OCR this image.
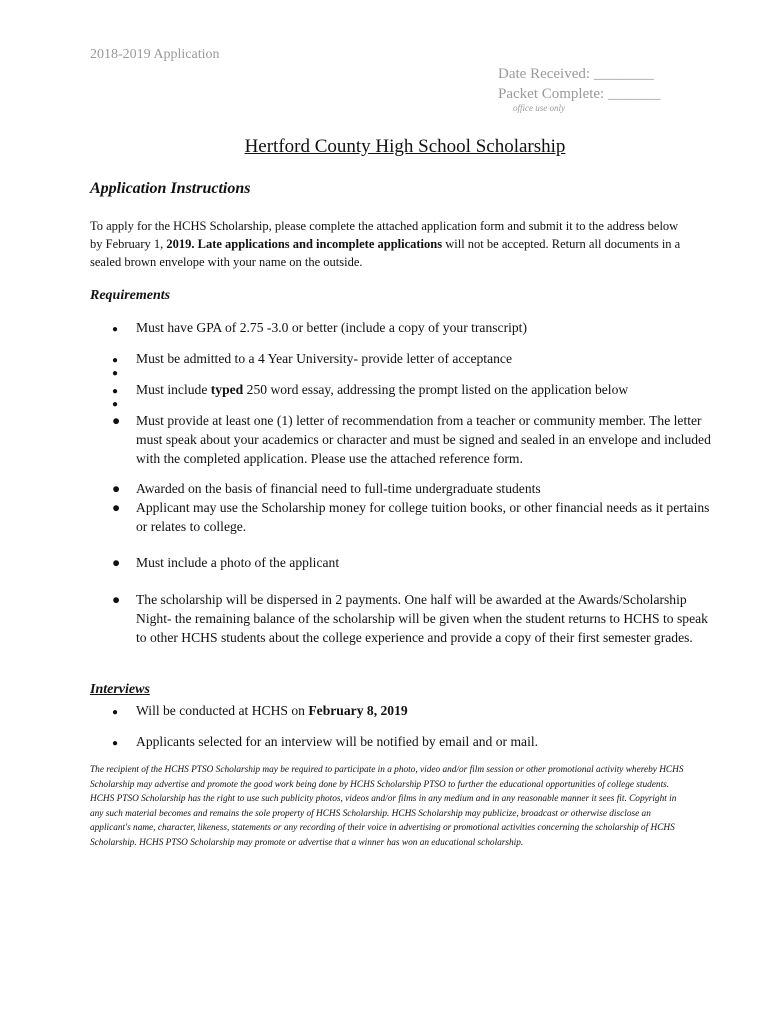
2018-2019 Application
Date Received: ________
Packet Complete: _______
office use only
Hertford County High School Scholarship
Application Instructions
To apply for the HCHS Scholarship, please complete the attached application form and submit it to the address below by February 1, 2019. Late applications and incomplete applications will not be accepted. Return all documents in a sealed brown envelope with your name on the outside.
Requirements
● Must have GPA of 2.75 -3.0 or better (include a copy of your transcript)
● Must be admitted to a 4 Year University- provide letter of acceptance
●
● Must include typed 250 word essay, addressing the prompt listed on the application below
●
● Must provide at least one (1) letter of recommendation from a teacher or community member. The letter must speak about your academics or character and must be signed and sealed in an envelope and included with the completed application. Please use the attached reference form.
● Awarded on the basis of financial need to full-time undergraduate students
● Applicant may use the Scholarship money for college tuition books, or other financial needs as it pertains or relates to college.
● Must include a photo of the applicant
● The scholarship will be dispersed in 2 payments. One half will be awarded at the Awards/Scholarship Night- the remaining balance of the scholarship will be given when the student returns to HCHS to speak to other HCHS students about the college experience and provide a copy of their first semester grades.
Interviews
● Will be conducted at HCHS on February 8, 2019
● Applicants selected for an interview will be notified by email and or mail.
The recipient of the HCHS PTSO Scholarship may be required to participate in a photo, video and/or film session or other promotional activity whereby HCHS Scholarship may advertise and promote the good work being done by HCHS Scholarship PTSO to further the educational opportunities of college students. HCHS PTSO Scholarship has the right to use such publicity photos, videos and/or films in any medium and in any reasonable manner it sees fit. Copyright in any such material becomes and remains the sole property of HCHS Scholarship. HCHS Scholarship may publicize, broadcast or otherwise disclose an applicant's name, character, likeness, statements or any recording of their voice in advertising or promotional activities concerning the scholarship of HCHS Scholarship. HCHS PTSO Scholarship may promote or advertise that a winner has won an educational scholarship.
